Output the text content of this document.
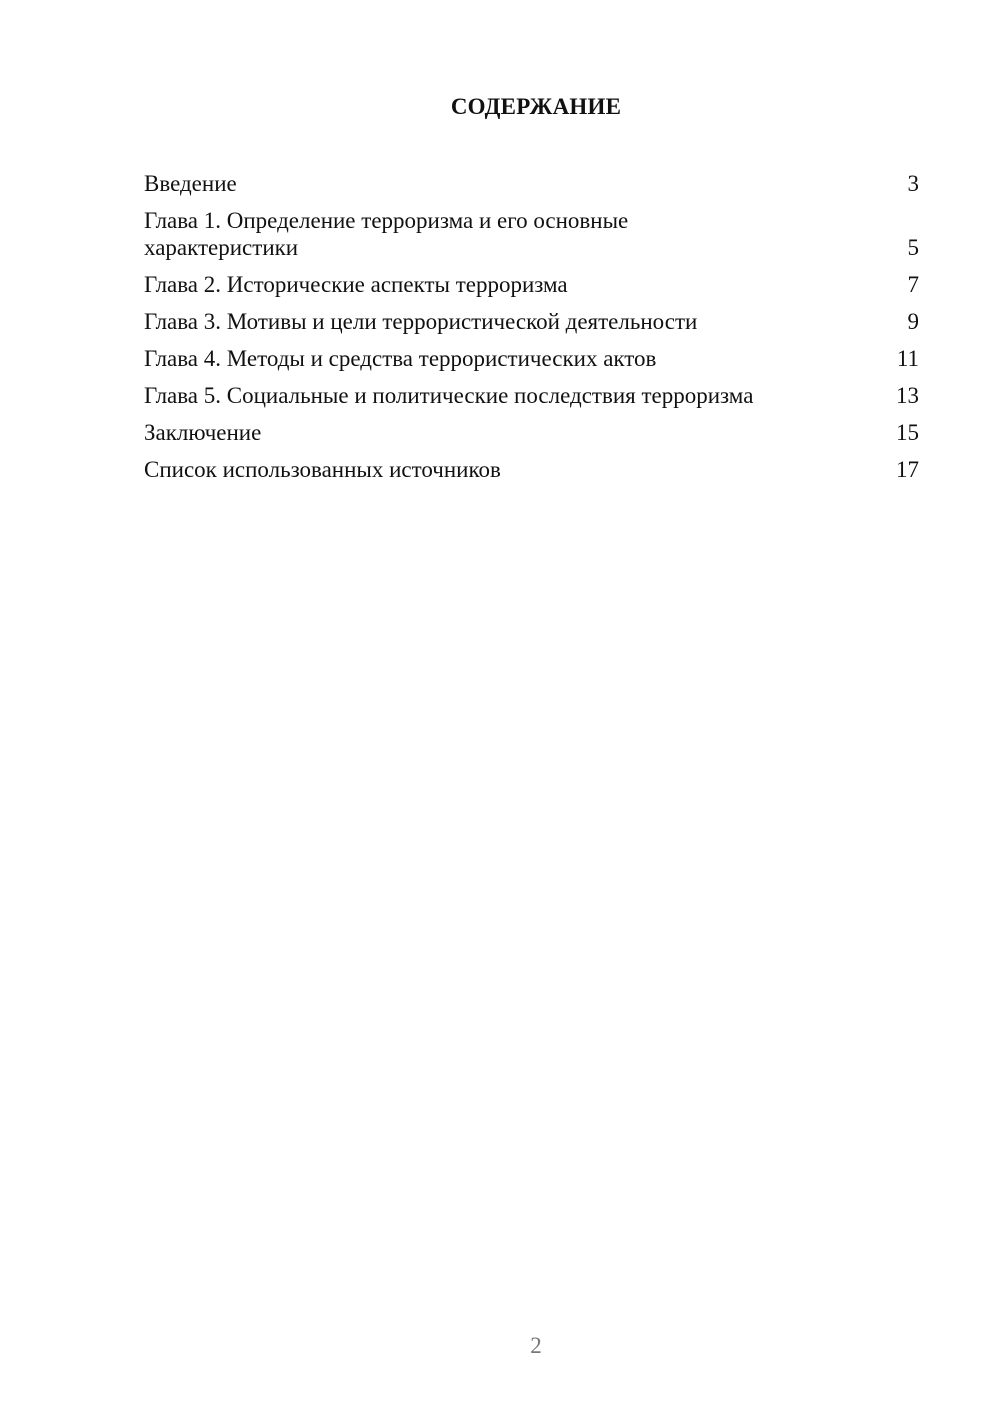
СОДЕРЖАНИЕ
Введение	3
Глава 1. Определение терроризма и его основные характеристики	5
Глава 2. Исторические аспекты терроризма	7
Глава 3. Мотивы и цели террористической деятельности	9
Глава 4. Методы и средства террористических актов	11
Глава 5. Социальные и политические последствия терроризма	13
Заключение	15
Список использованных источников	17
2
